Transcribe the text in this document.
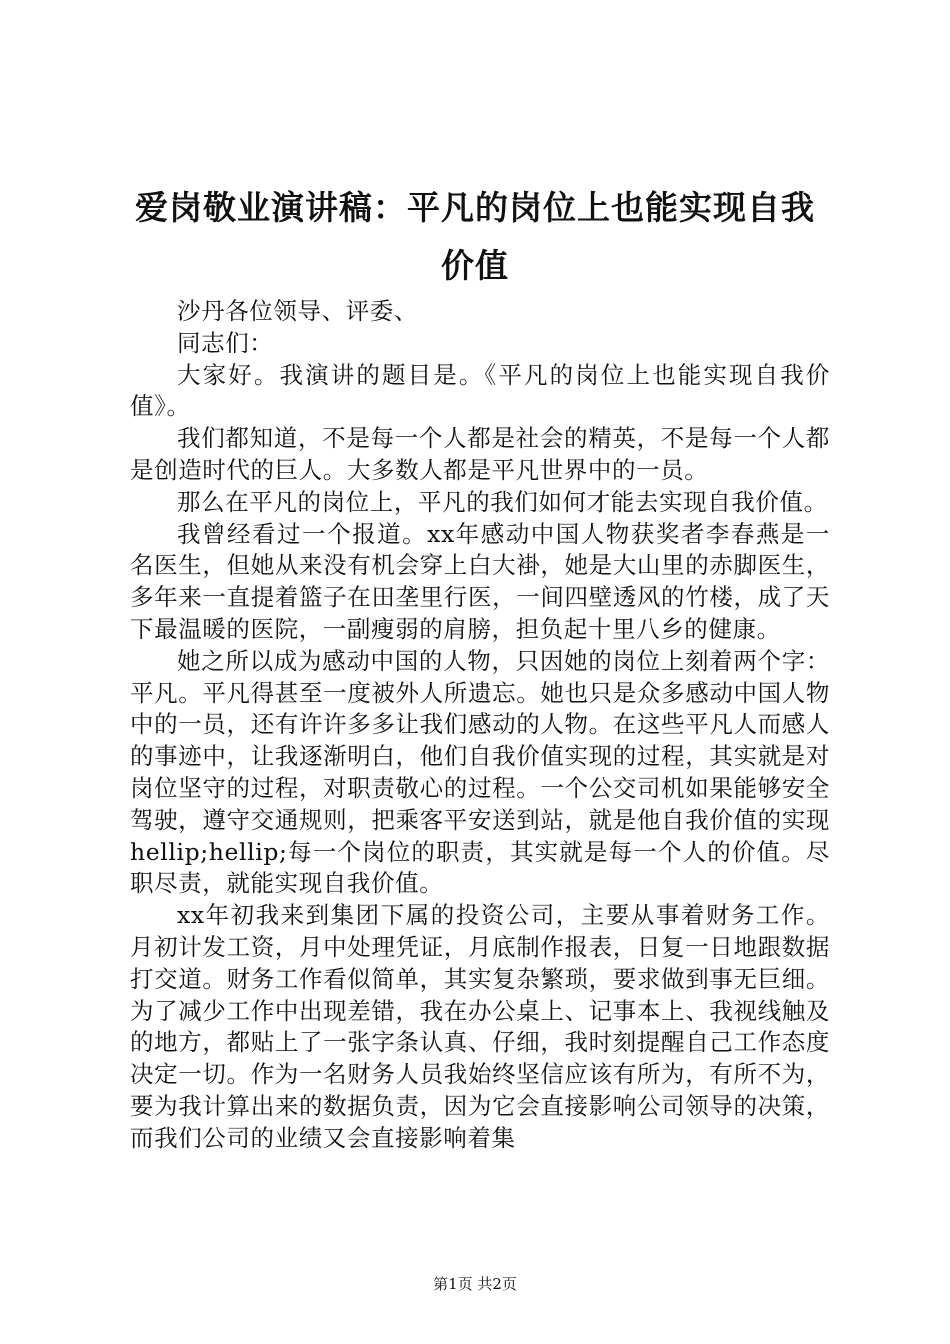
爱岗敬业演讲稿：平凡的岗位上也能实现自我价值

沙丹各位领导、评委、

同志们：

大家好。我演讲的题目是。《平凡的岗位上也能实现自我价值》。

我们都知道，不是每一个人都是社会的精英，不是每一个人都是创造时代的巨人。大多数人都是平凡世界中的一员。

那么在平凡的岗位上，平凡的我们如何才能去实现自我价值。

我曾经看过一个报道。xx年感动中国人物获奖者李春燕是一名医生，但她从来没有机会穿上白大褂，她是大山里的赤脚医生，多年来一直提着篮子在田垄里行医，一间四壁透风的竹楼，成了天下最温暖的医院，一副瘦弱的肩膀，担负起十里八乡的健康。

她之所以成为感动中国的人物，只因她的岗位上刻着两个字：平凡。平凡得甚至一度被外人所遗忘。她也只是众多感动中国人物中的一员，还有许许多多让我们感动的人物。在这些平凡人而感人的事迹中，让我逐渐明白，他们自我价值实现的过程，其实就是对岗位坚守的过程，对职责敬心的过程。一个公交司机如果能够安全驾驶，遵守交通规则，把乘客平安送到站，就是他自我价值的实现hellip;hellip;每一个岗位的职责，其实就是每一个人的价值。尽职尽责，就能实现自我价值。

xx年初我来到集团下属的投资公司，主要从事着财务工作。月初计发工资，月中处理凭证，月底制作报表，日复一日地跟数据打交道。财务工作看似简单，其实复杂繁琐，要求做到事无巨细。为了减少工作中出现差错，我在办公桌上、记事本上、我视线触及的地方，都贴上了一张字条认真、仔细，我时刻提醒自己工作态度决定一切。作为一名财务人员我始终坚信应该有所为，有所不为，要为我计算出来的数据负责，因为它会直接影响公司领导的决策，而我们公司的业绩又会直接影响着集

第1页 共2页
